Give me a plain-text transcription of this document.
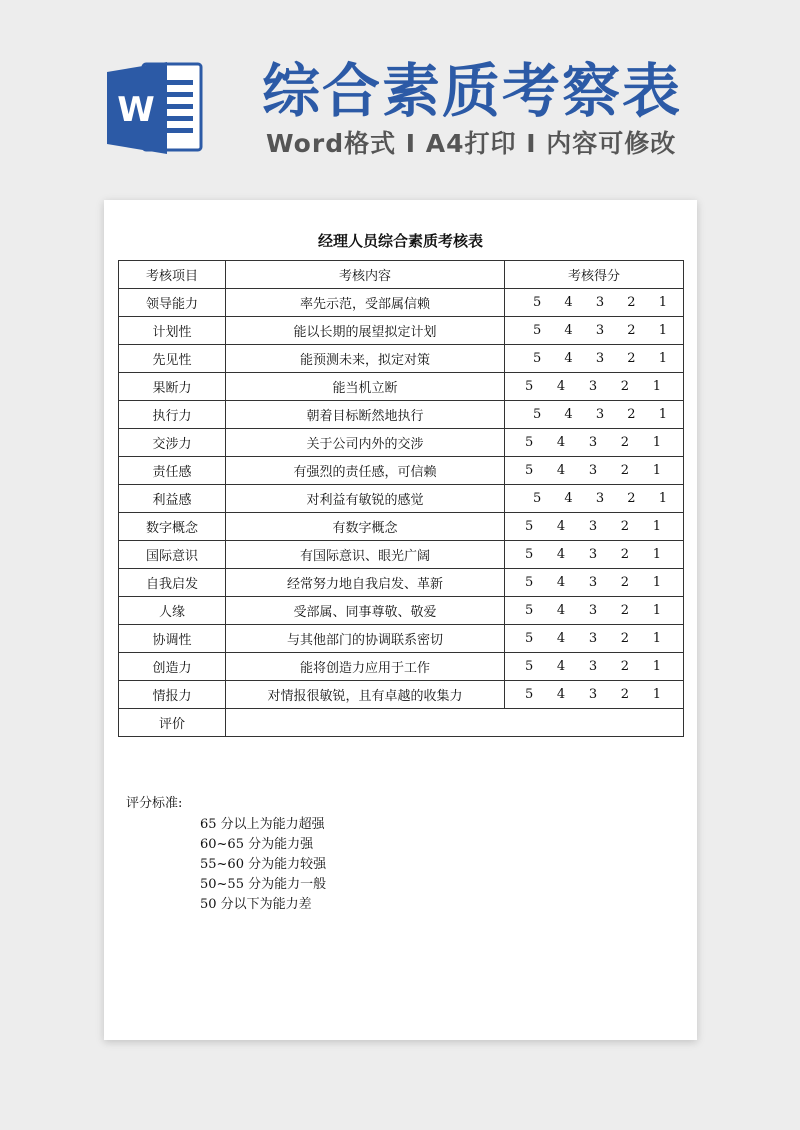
W 综合素质考察表
Word格式 I A4打印 I 内容可修改
经理人员综合素质考核表
考核项目	考核内容	考核得分
领导能力	率先示范，受部属信赖	5 4 3 2 1

计划性	能以长期的展望拟定计划	5 4 3 2 1

先见性	能预测未来，拟定对策	5 4 3 2 1

果断力	能当机立断	5 4 3 2 1

执行力	朝着目标断然地执行	5 4 3 2 1

交涉力	关于公司内外的交涉	5 4 3 2 1

责任感	有强烈的责任感，可信赖	5 4 3 2 1

利益感	对利益有敏锐的感觉	5 4 3 2 1

数字概念	有数字概念	5 4 3 2 1

国际意识	有国际意识、眼光广阔	5 4 3 2 1

自我启发	经常努力地自我启发、革新	5 4 3 2 1

人缘	受部属、同事尊敬、敬爱	5 4 3 2 1

协调性	与其他部门的协调联系密切	5 4 3 2 1

创造力	能将创造力应用于工作	5 4 3 2 1

情报力	对情报很敏锐，且有卓越的收集力	5 4 3 2 1

评价		
评分标准:
65 分以上为能力超强
60~65 分为能力强
55~60 分为能力较强
50~55 分为能力一般
50 分以下为能力差
